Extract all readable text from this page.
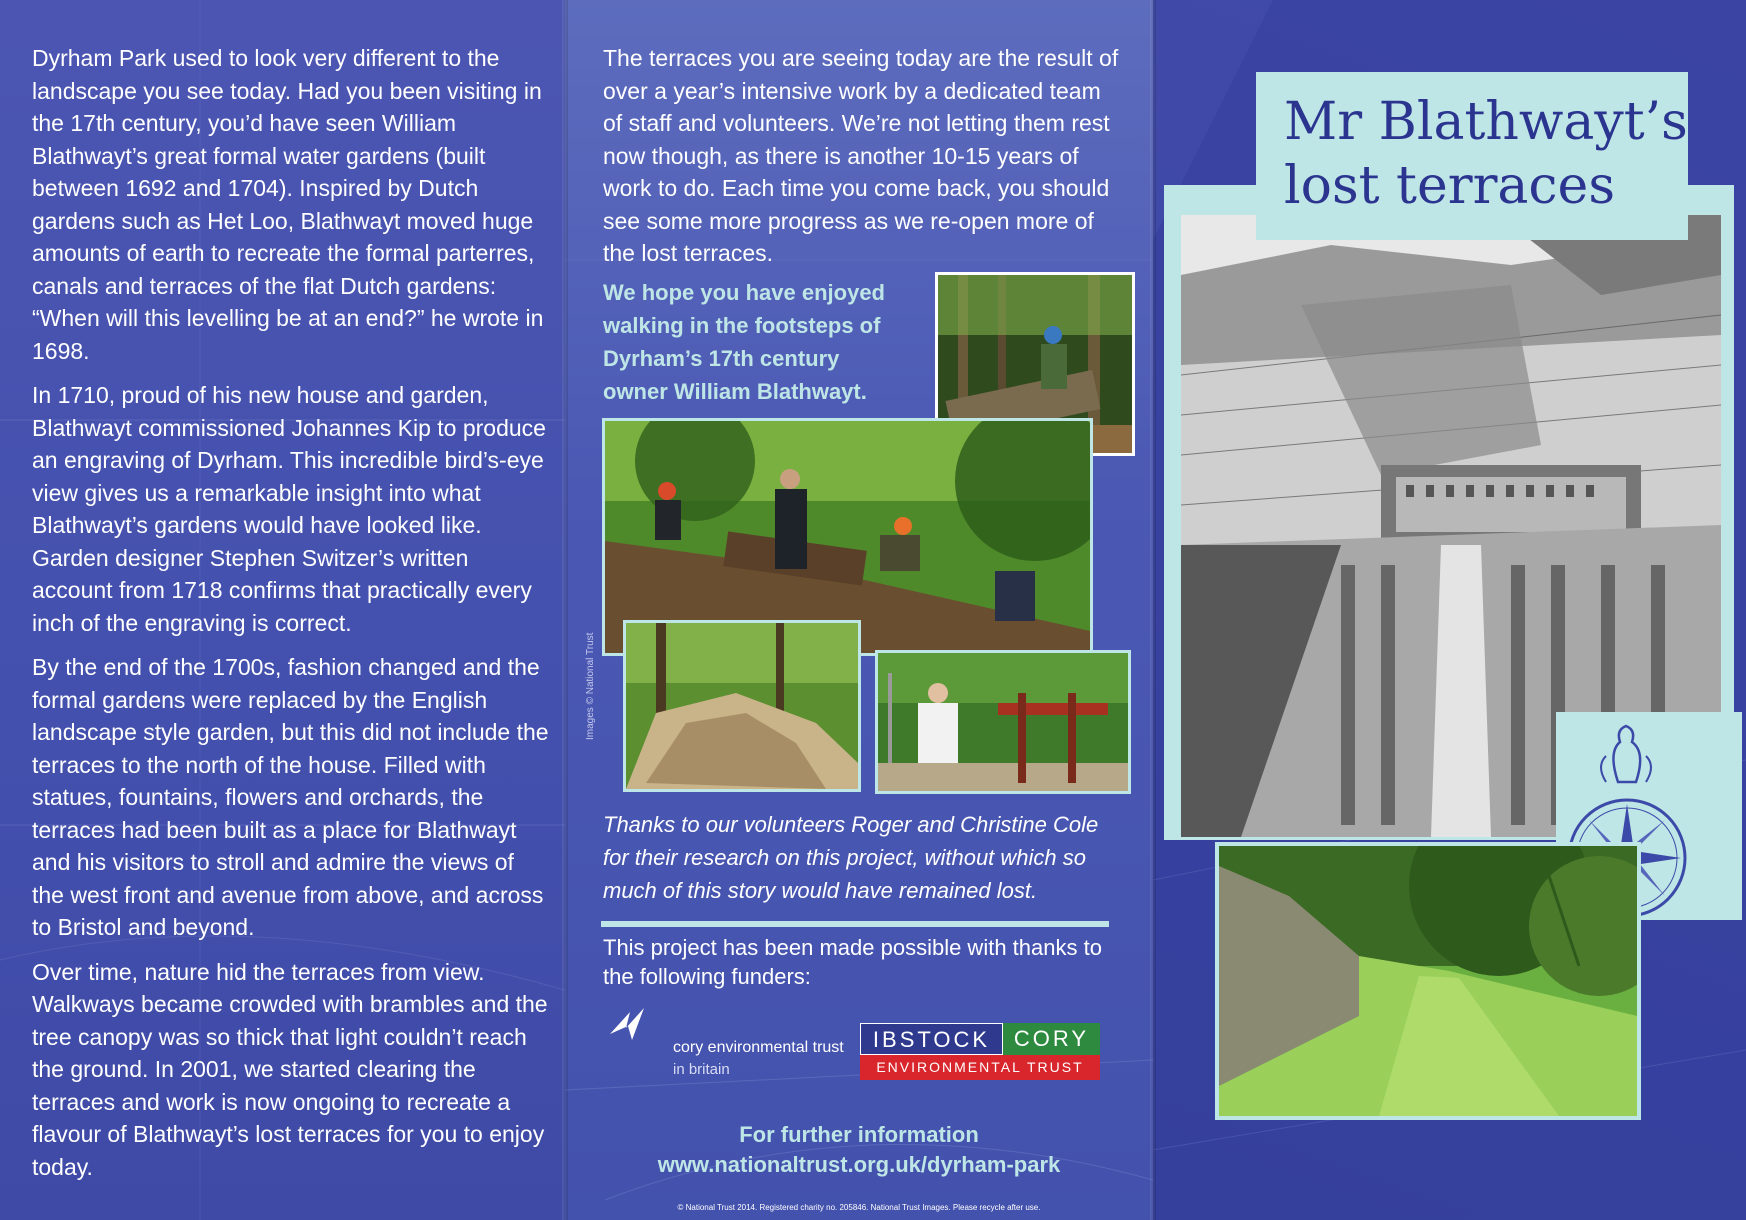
Dyrham Park used to look very different to the landscape you see today. Had you been visiting in the 17th century, you’d have seen William Blathwayt’s great formal water gardens (built between 1692 and 1704). Inspired by Dutch gardens such as Het Loo, Blathwayt moved huge amounts of earth to recreate the formal parterres, canals and terraces of the flat Dutch gardens: “When will this levelling be at an end?” he wrote in 1698.

In 1710, proud of his new house and garden, Blathwayt commissioned Johannes Kip to produce an engraving of Dyrham. This incredible bird’s-eye view gives us a remarkable insight into what Blathwayt’s gardens would have looked like. Garden designer Stephen Switzer’s written account from 1718 confirms that practically every inch of the engraving is correct.

By the end of the 1700s, fashion changed and the formal gardens were replaced by the English landscape style garden, but this did not include the terraces to the north of the house. Filled with statues, fountains, flowers and orchards, the terraces had been built as a place for Blathwayt and his visitors to stroll and admire the views of the west front and avenue from above, and across to Bristol and beyond.

Over time, nature hid the terraces from view. Walkways became crowded with brambles and the tree canopy was so thick that light couldn’t reach the ground. In 2001, we started clearing the terraces and work is now ongoing to recreate a flavour of Blathwayt’s lost terraces for you to enjoy today.

The terraces you are seeing today are the result of over a year’s intensive work by a dedicated team of staff and volunteers. We’re not letting them rest now though, as there is another 10-15 years of work to do. Each time you come back, you should see some more progress as we re-open more of the lost terraces.
We hope you have enjoyed walking in the footsteps of Dyrham’s 17th century owner William Blathwayt.
Thanks to our volunteers Roger and Christine Cole for their research on this project, without which so much of this story would have remained lost.
This project has been made possible with thanks to the following funders:
cory environmental trust
in britain
IBSTOCK	CORY
ENVIRONMENTAL TRUST
For further information
www.nationaltrust.org.uk/dyrham-park
© National Trust 2014. Registered charity no. 205846. National Trust Images. Please recycle after use.
Mr Blathwayt’s
lost terraces
Images © National Trust
